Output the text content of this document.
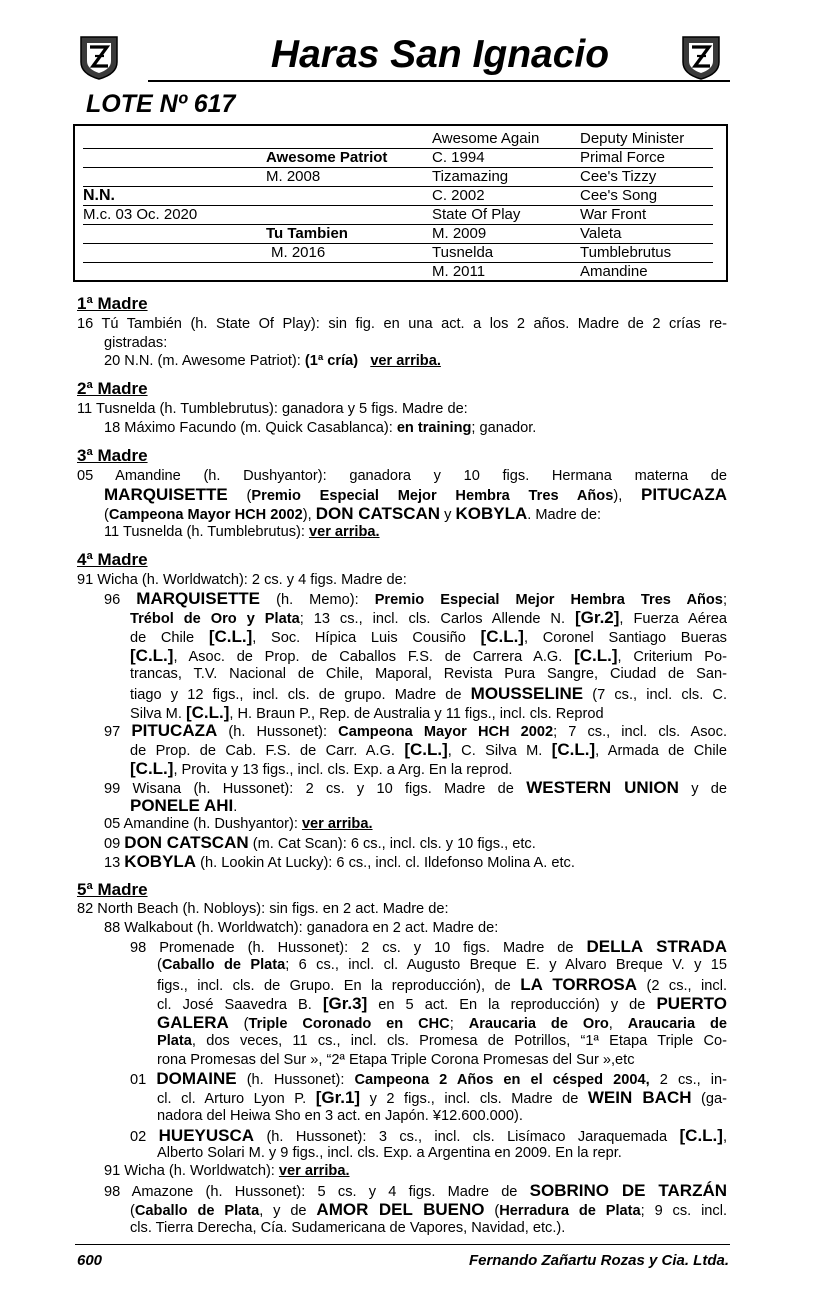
Haras San Ignacio
LOTE Nº 617
Awesome Again
C. 1994
Tizamazing
C. 2002
State Of Play
M. 2009
Tusnelda
M. 2011
Deputy Minister
Primal Force
Cee's Tizzy
Cee's Song
War Front
Valeta
Tumblebrutus
Amandine
Awesome Patriot
M. 2008
Tu Tambien
M. 2016
N.N.
M.c. 03 Oc. 2020
1ª Madre
16 Tú También (h. State Of Play): sin fig. en una act. a los 2 años. Madre de 2 crías re-
gistradas:
20 N.N. (m. Awesome Patriot): (1ª cría) ver arriba.
2ª Madre
11 Tusnelda (h. Tumblebrutus): ganadora y 5 figs. Madre de:
18 Máximo Facundo (m. Quick Casablanca): en training; ganador.
3ª Madre
05 Amandine (h. Dushyantor): ganadora y 10 figs. Hermana materna de
MARQUISETTE (Premio Especial Mejor Hembra Tres Años), PITUCAZA
(Campeona Mayor HCH 2002), DON CATSCAN y KOBYLA. Madre de:
11 Tusnelda (h. Tumblebrutus): ver arriba.
4ª Madre
91 Wicha (h. Worldwatch): 2 cs. y 4 figs. Madre de:
96 MARQUISETTE (h. Memo): Premio Especial Mejor Hembra Tres Años;
Trébol de Oro y Plata; 13 cs., incl. cls. Carlos Allende N. [Gr.2], Fuerza Aérea
de Chile [C.L.], Soc. Hípica Luis Cousiño [C.L.], Coronel Santiago Bueras
[C.L.], Asoc. de Prop. de Caballos F.S. de Carrera A.G. [C.L.], Criterium Po-
trancas, T.V. Nacional de Chile, Maporal, Revista Pura Sangre, Ciudad de San-
tiago y 12 figs., incl. cls. de grupo. Madre de MOUSSELINE (7 cs., incl. cls. C.
Silva M. [C.L.], H. Braun P., Rep. de Australia y 11 figs., incl. cls. Reprod
97 PITUCAZA (h. Hussonet): Campeona Mayor HCH 2002; 7 cs., incl. cls. Asoc.
de Prop. de Cab. F.S. de Carr. A.G. [C.L.], C. Silva M. [C.L.], Armada de Chile
[C.L.], Provita y 13 figs., incl. cls. Exp. a Arg. En la reprod.
99 Wisana (h. Hussonet): 2 cs. y 10 figs. Madre de WESTERN UNION y de
PONELE AHI.
05 Amandine (h. Dushyantor): ver arriba.
09 DON CATSCAN (m. Cat Scan): 6 cs., incl. cls. y 10 figs., etc.
13 KOBYLA (h. Lookin At Lucky): 6 cs., incl. cl. Ildefonso Molina A. etc.
5ª Madre
82 North Beach (h. Nobloys): sin figs. en 2 act. Madre de:
88 Walkabout (h. Worldwatch): ganadora en 2 act. Madre de:
98 Promenade (h. Hussonet): 2 cs. y 10 figs. Madre de DELLA STRADA
(Caballo de Plata; 6 cs., incl. cl. Augusto Breque E. y Alvaro Breque V. y 15
figs., incl. cls. de Grupo. En la reproducción), de LA TORROSA (2 cs., incl.
cl. José Saavedra B. [Gr.3] en 5 act. En la reproducción) y de PUERTO
GALERA (Triple Coronado en CHC; Araucaria de Oro, Araucaria de
Plata, dos veces, 11 cs., incl. cls. Promesa de Potrillos, “1ª Etapa Triple Co-
rona Promesas del Sur », “2ª Etapa Triple Corona Promesas del Sur »,etc
01 DOMAINE (h. Hussonet): Campeona 2 Años en el césped 2004, 2 cs., in-
cl. cl. Arturo Lyon P. [Gr.1] y 2 figs., incl. cls. Madre de WEIN BACH (ga-
nadora del Heiwa Sho en 3 act. en Japón. ¥12.600.000).
02 HUEYUSCA (h. Hussonet): 3 cs., incl. cls. Lisímaco Jaraquemada [C.L.],
Alberto Solari M. y 9 figs., incl. cls. Exp. a Argentina en 2009. En la repr.
91 Wicha (h. Worldwatch): ver arriba.
98 Amazone (h. Hussonet): 5 cs. y 4 figs. Madre de SOBRINO DE TARZÁN
(Caballo de Plata, y de AMOR DEL BUENO (Herradura de Plata; 9 cs. incl.
cls. Tierra Derecha, Cía. Sudamericana de Vapores, Navidad, etc.).
600	Fernando Zañartu Rozas y Cia. Ltda.
